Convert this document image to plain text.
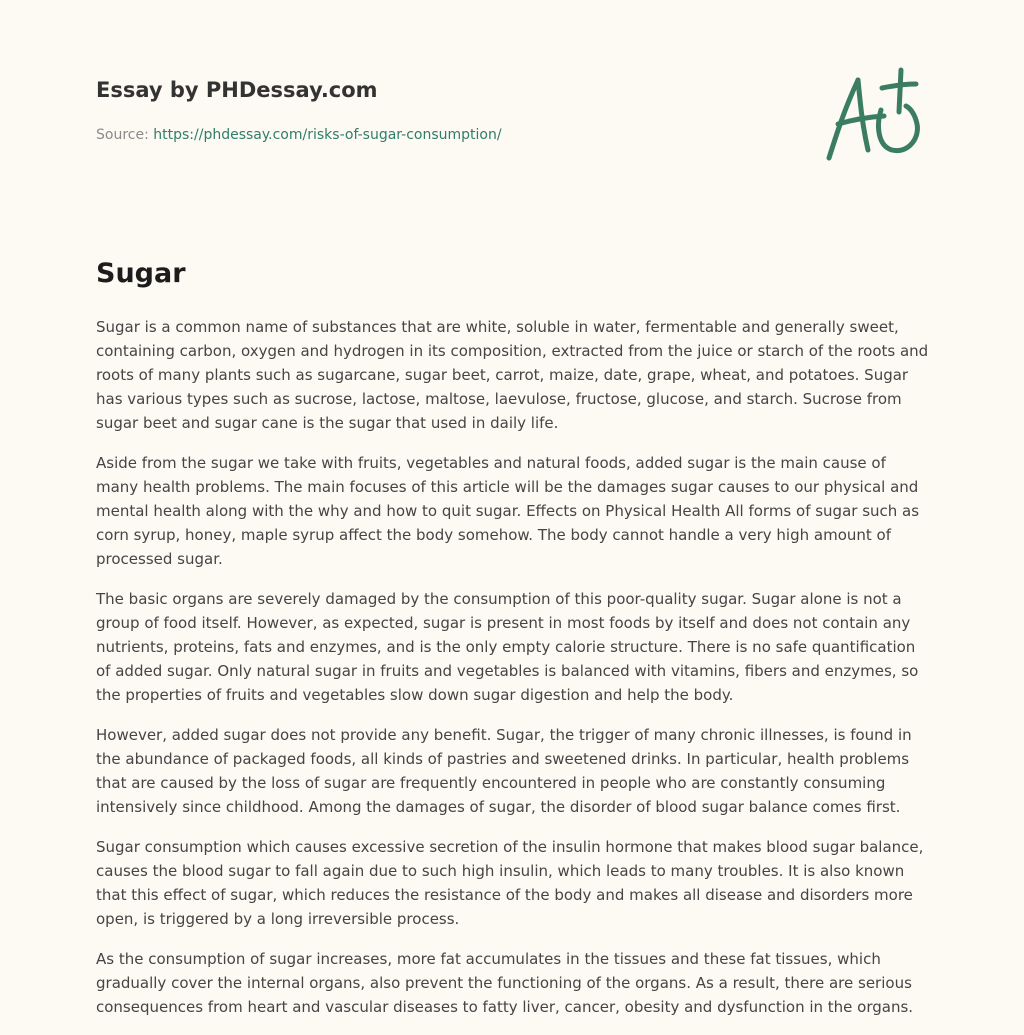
Essay by PHDessay.com
Source: https://phdessay.com/risks-of-sugar-consumption/
Sugar

Sugar is a common name of substances that are white, soluble in water, fermentable and generally sweet, containing carbon, oxygen and hydrogen in its composition, extracted from the juice or starch of the roots and roots of many plants such as sugarcane, sugar beet, carrot, maize, date, grape, wheat, and potatoes. Sugar has various types such as sucrose, lactose, maltose, laevulose, fructose, glucose, and starch. Sucrose from sugar beet and sugar cane is the sugar that used in daily life.

Aside from the sugar we take with fruits, vegetables and natural foods, added sugar is the main cause of many health problems. The main focuses of this article will be the damages sugar causes to our physical and mental health along with the why and how to quit sugar. Effects on Physical Health All forms of sugar such as corn syrup, honey, maple syrup affect the body somehow. The body cannot handle a very high amount of processed sugar.

The basic organs are severely damaged by the consumption of this poor-quality sugar. Sugar alone is not a group of food itself. However, as expected, sugar is present in most foods by itself and does not contain any nutrients, proteins, fats and enzymes, and is the only empty calorie structure. There is no safe quantification of added sugar. Only natural sugar in fruits and vegetables is balanced with vitamins, fibers and enzymes, so the properties of fruits and vegetables slow down sugar digestion and help the body.

However, added sugar does not provide any benefit. Sugar, the trigger of many chronic illnesses, is found in the abundance of packaged foods, all kinds of pastries and sweetened drinks. In particular, health problems that are caused by the loss of sugar are frequently encountered in people who are constantly consuming intensively since childhood. Among the damages of sugar, the disorder of blood sugar balance comes first.

Sugar consumption which causes excessive secretion of the insulin hormone that makes blood sugar balance, causes the blood sugar to fall again due to such high insulin, which leads to many troubles. It is also known that this effect of sugar, which reduces the resistance of the body and makes all disease and disorders more open, is triggered by a long irreversible process.

As the consumption of sugar increases, more fat accumulates in the tissues and these fat tissues, which gradually cover the internal organs, also prevent the functioning of the organs. As a result, there are serious consequences from heart and vascular diseases to fatty liver, cancer, obesity and dysfunction in the organs.
